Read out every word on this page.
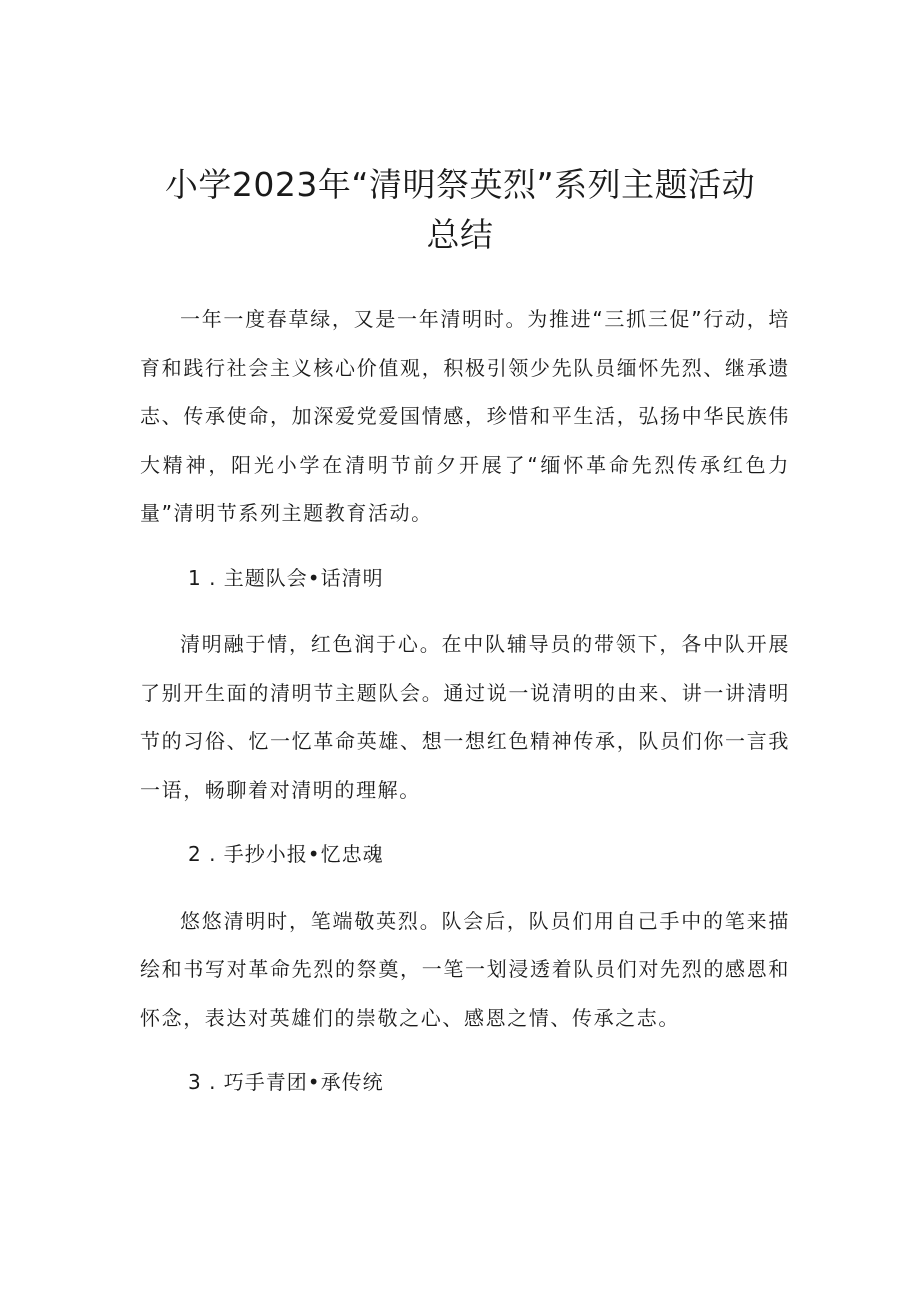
小学2023年“清明祭英烈”系列主题活动
总结

一年一度春草绿，又是一年清明时。为推进“三抓三促”行动，培育和践行社会主义核心价值观，积极引领少先队员缅怀先烈、继承遗志、传承使命，加深爱党爱国情感，珍惜和平生活，弘扬中华民族伟大精神，阳光小学在清明节前夕开展了“缅怀革命先烈传承红色力量”清明节系列主题教育活动。

1 . 主题队会•话清明

清明融于情，红色润于心。在中队辅导员的带领下，各中队开展了别开生面的清明节主题队会。通过说一说清明的由来、讲一讲清明节的习俗、忆一忆革命英雄、想一想红色精神传承，队员们你一言我一语，畅聊着对清明的理解。

2 . 手抄小报•忆忠魂

悠悠清明时，笔端敬英烈。队会后，队员们用自己手中的笔来描绘和书写对革命先烈的祭奠，一笔一划浸透着队员们对先烈的感恩和怀念，表达对英雄们的崇敬之心、感恩之情、传承之志。

3 . 巧手青团•承传统
